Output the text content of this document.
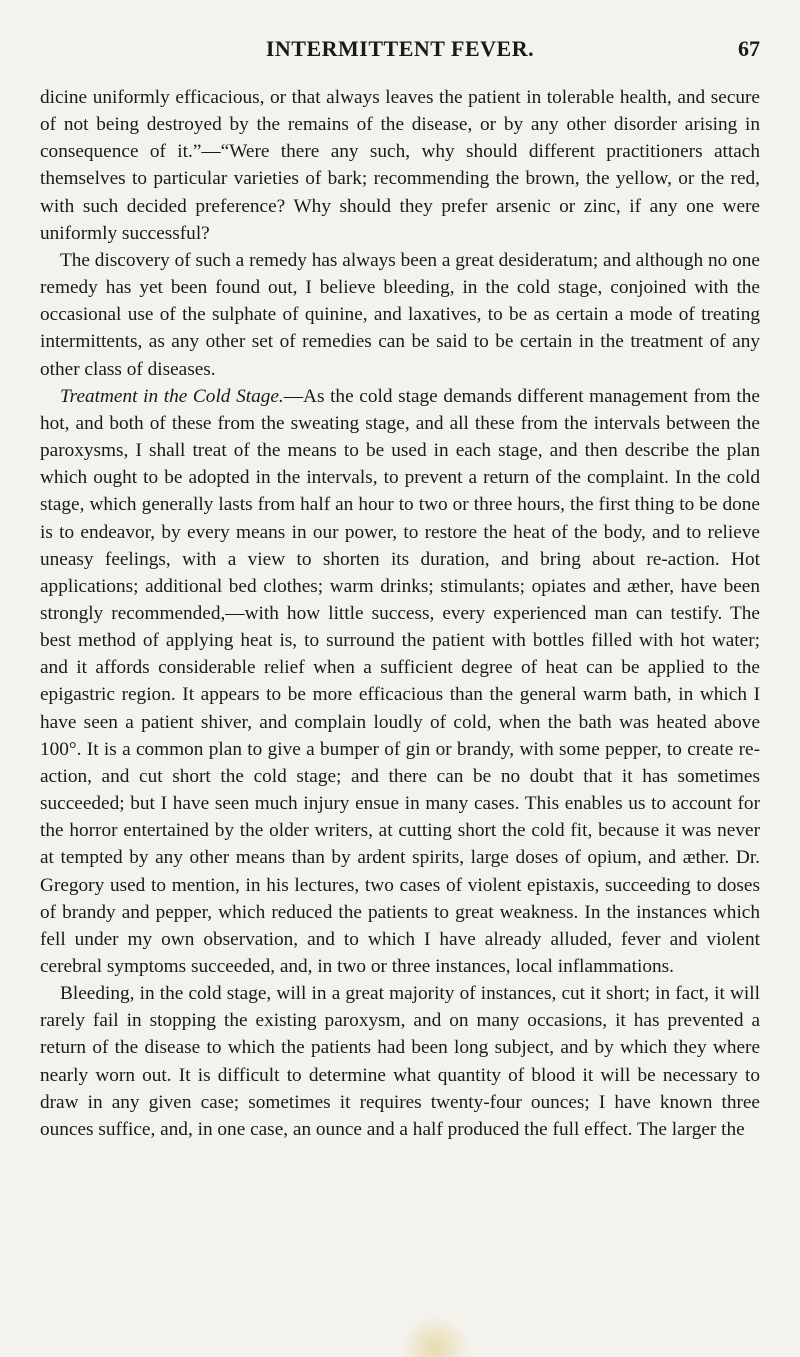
INTERMITTENT FEVER.	67

dicine uniformly efficacious, or that always leaves the patient in tolerable health, and secure of not being destroyed by the remains of the disease, or by any other disorder arising in consequence of it.”—“Were there any such, why should different practitioners attach themselves to particular varieties of bark; recommending the brown, the yellow, or the red, with such decided preference? Why should they prefer arsenic or zinc, if any one were uniformly successful?

The discovery of such a remedy has always been a great desideratum; and although no one remedy has yet been found out, I believe bleeding, in the cold stage, conjoined with the occasional use of the sulphate of quinine, and laxatives, to be as certain a mode of treating intermittents, as any other set of remedies can be said to be certain in the treatment of any other class of diseases.

Treatment in the Cold Stage.—As the cold stage demands different management from the hot, and both of these from the sweating stage, and all these from the intervals between the paroxysms, I shall treat of the means to be used in each stage, and then describe the plan which ought to be adopted in the intervals, to prevent a return of the complaint. In the cold stage, which generally lasts from half an hour to two or three hours, the first thing to be done is to endeavor, by every means in our power, to restore the heat of the body, and to relieve uneasy feelings, with a view to shorten its duration, and bring about re-action. Hot applications; additional bed clothes; warm drinks; stimulants; opiates and æther, have been strongly recommended,—with how little success, every experienced man can testify. The best method of applying heat is, to surround the patient with bottles filled with hot water; and it affords considerable relief when a sufficient degree of heat can be applied to the epigastric region. It appears to be more efficacious than the general warm bath, in which I have seen a patient shiver, and complain loudly of cold, when the bath was heated above 100°. It is a common plan to give a bumper of gin or brandy, with some pepper, to create re-action, and cut short the cold stage; and there can be no doubt that it has sometimes succeeded; but I have seen much injury ensue in many cases. This enables us to account for the horror entertained by the older writers, at cutting short the cold fit, because it was never at tempted by any other means than by ardent spirits, large doses of opium, and æther. Dr. Gregory used to mention, in his lectures, two cases of violent epistaxis, succeeding to doses of brandy and pepper, which reduced the patients to great weakness. In the instances which fell under my own observation, and to which I have already alluded, fever and violent cerebral symptoms succeeded, and, in two or three instances, local inflammations.

Bleeding, in the cold stage, will in a great majority of instances, cut it short; in fact, it will rarely fail in stopping the existing paroxysm, and on many occasions, it has prevented a return of the disease to which the patients had been long subject, and by which they where nearly worn out. It is difficult to determine what quantity of blood it will be necessary to draw in any given case; sometimes it requires twenty-four ounces; I have known three ounces suffice, and, in one case, an ounce and a half produced the full effect. The larger the
